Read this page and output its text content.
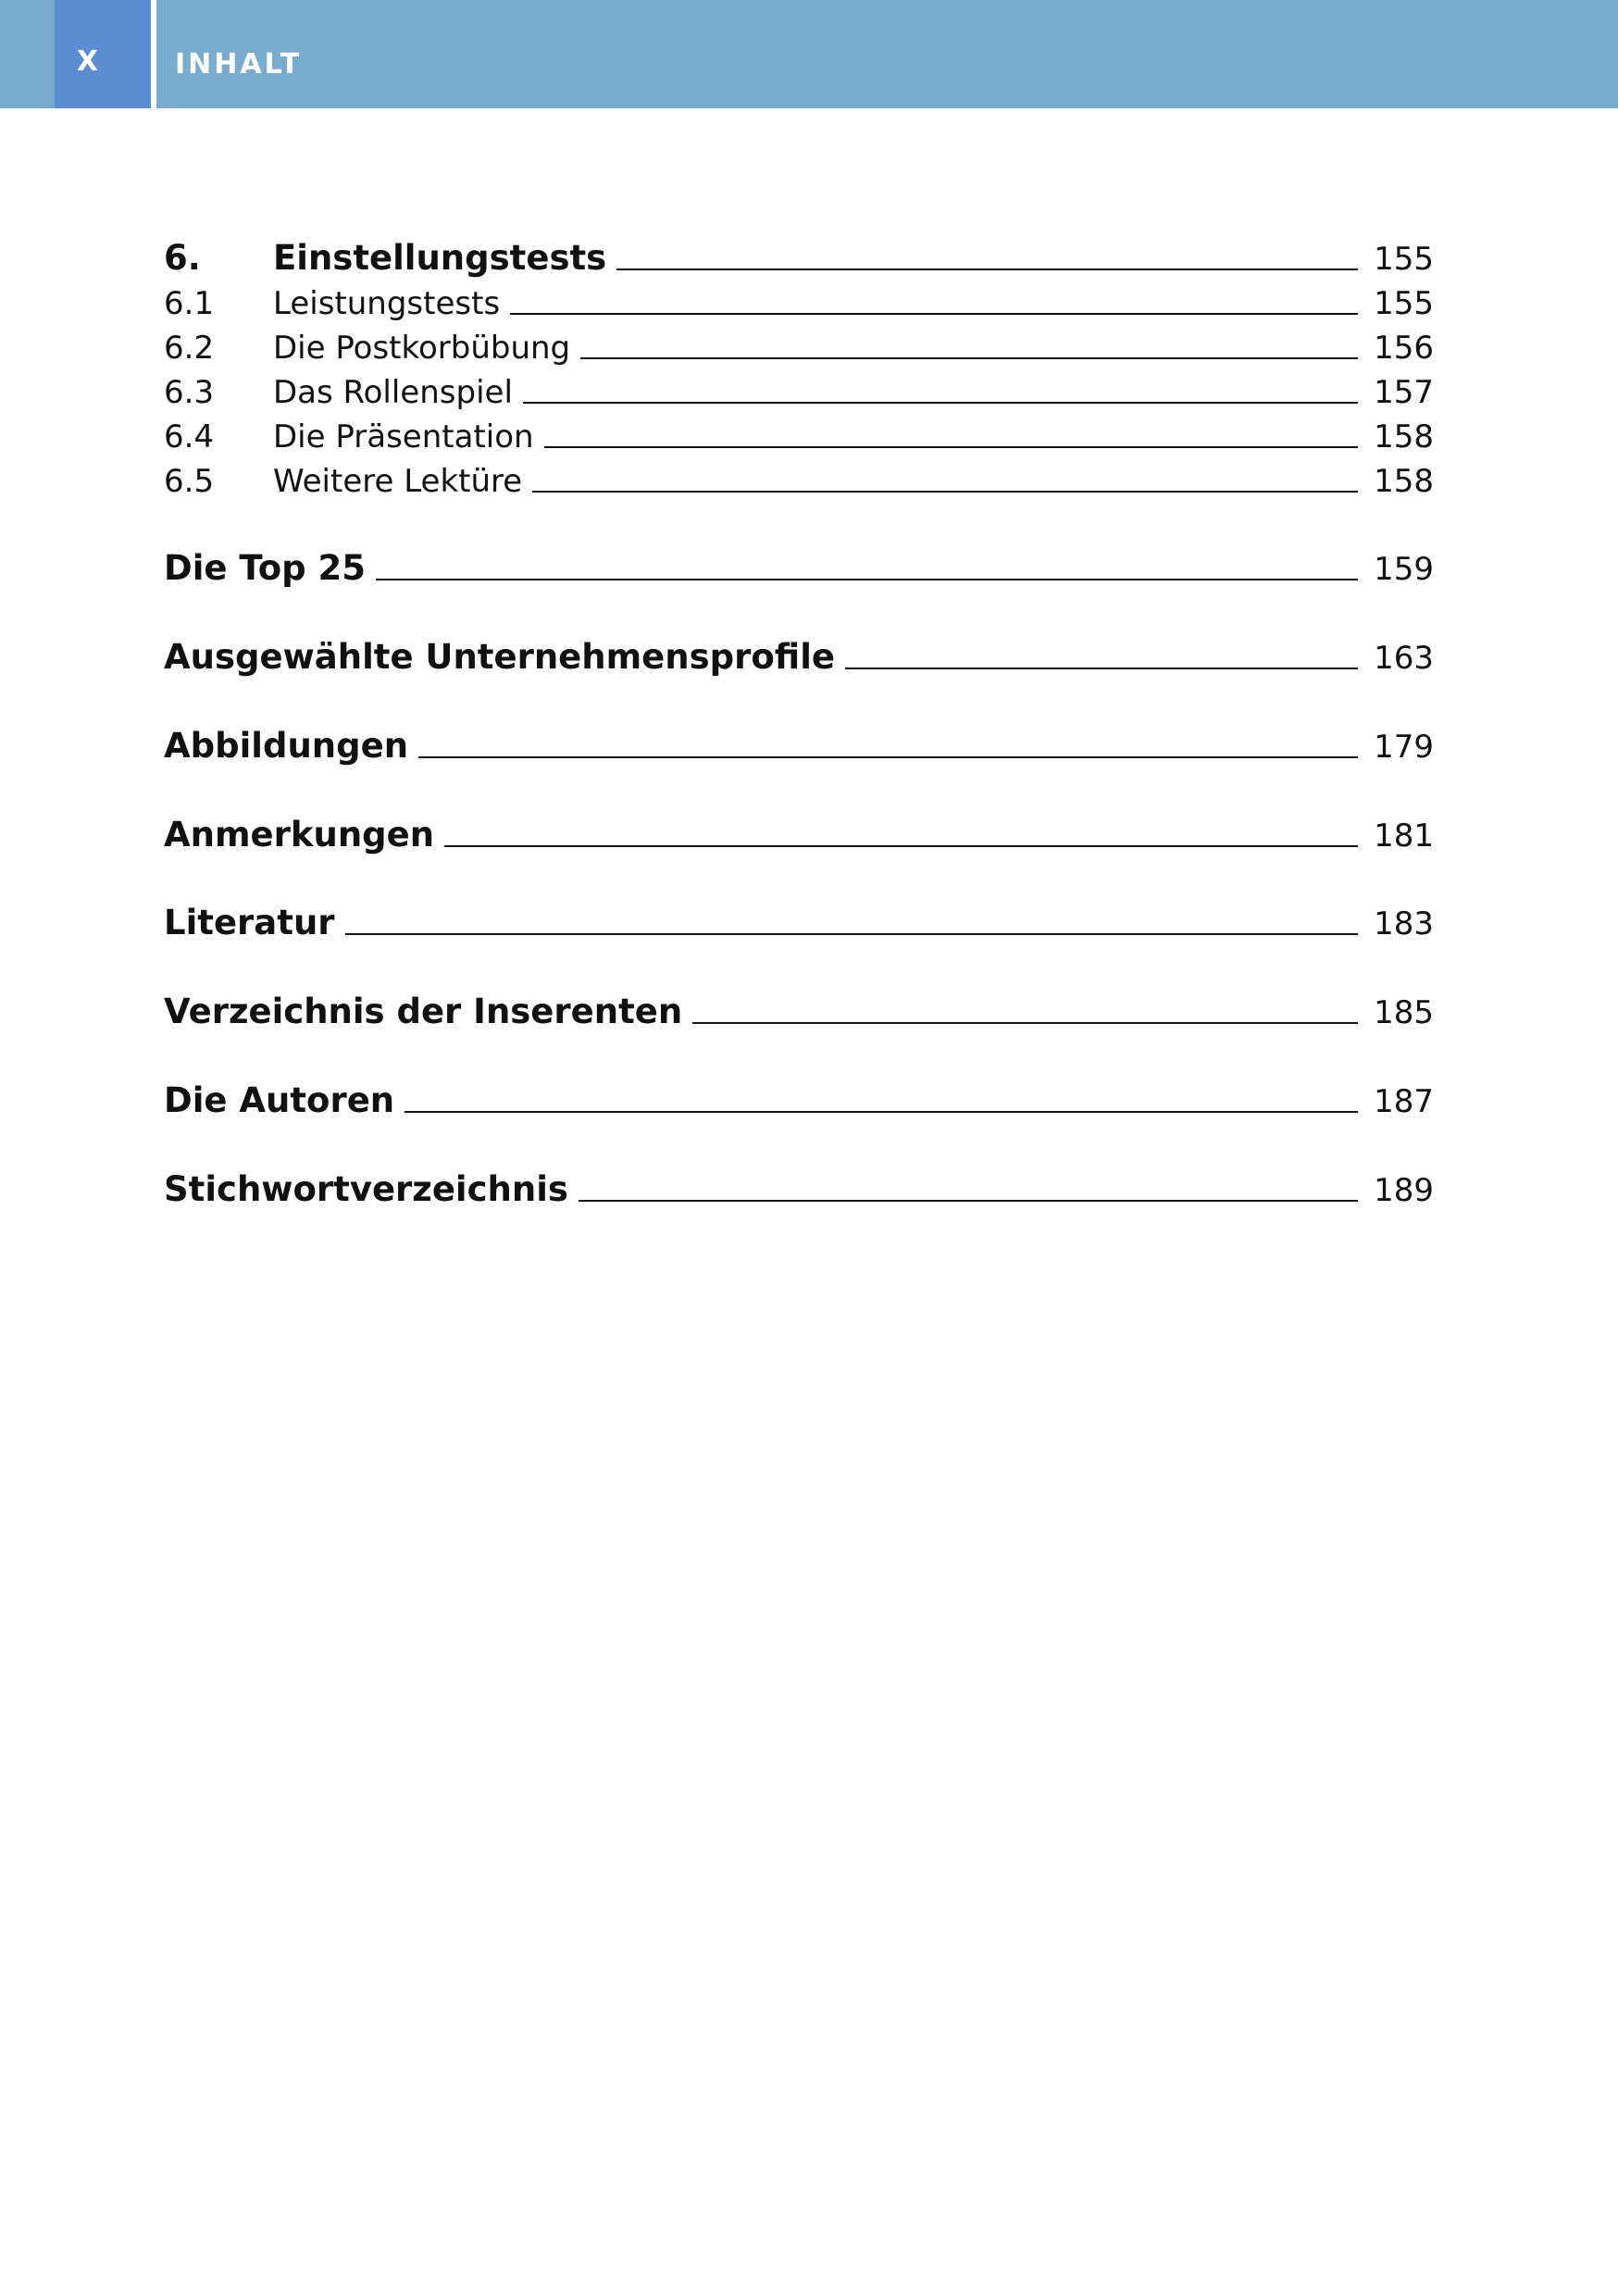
X	INHALT
6.	Einstellungstests	155
6.1	Leistungstests	155
6.2	Die Postkorbübung	156
6.3	Das Rollenspiel	157
6.4	Die Präsentation	158
6.5	Weitere Lektüre	158
Die Top 25	159
Ausgewählte Unternehmensprofile	163
Abbildungen	179
Anmerkungen	181
Literatur	183
Verzeichnis der Inserenten	185
Die Autoren	187
Stichwortverzeichnis	189
